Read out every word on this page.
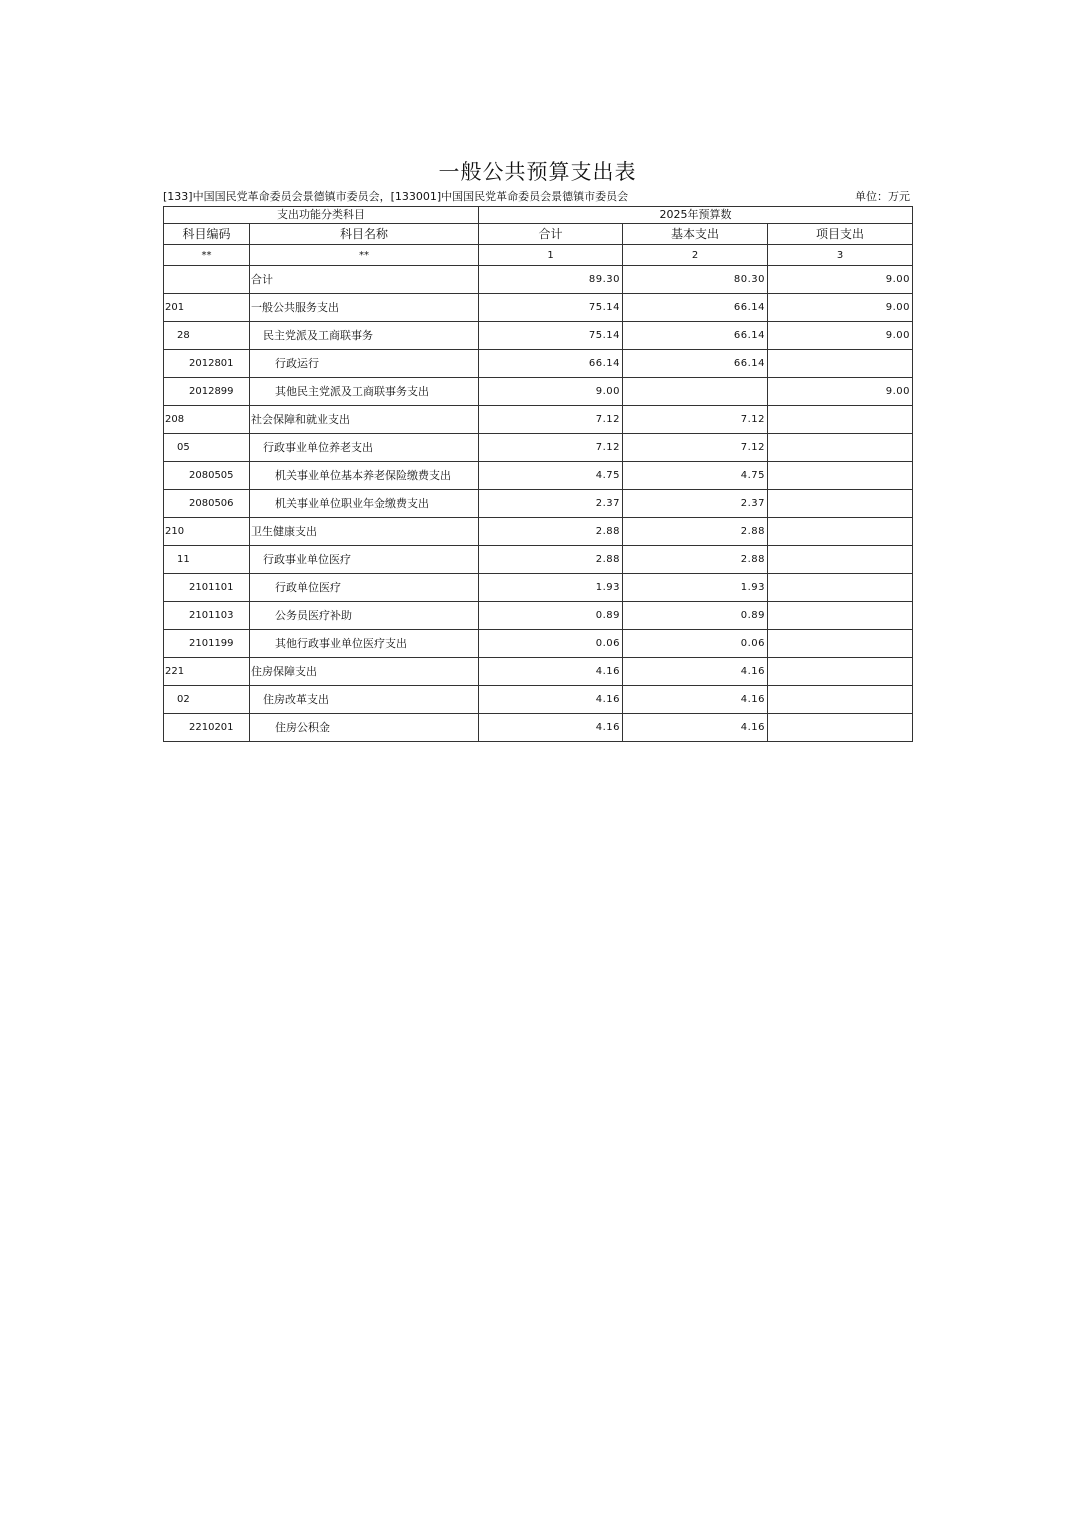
一般公共预算支出表
[133]中国国民党革命委员会景德镇市委员会，[133001]中国国民党革命委员会景德镇市委员会	单位：万元
支出功能分类科目		2025年预算数		
科目编码	科目名称	合计	基本支出	项目支出
**	**	1	2	3
	合计	89.30	80.30	9.00
201	一般公共服务支出	75.14	66.14	9.00
28	民主党派及工商联事务	75.14	66.14	9.00
2012801	行政运行	66.14	66.14	
2012899	其他民主党派及工商联事务支出	9.00		9.00
208	社会保障和就业支出	7.12	7.12	
05	行政事业单位养老支出	7.12	7.12	
2080505	机关事业单位基本养老保险缴费支出	4.75	4.75	
2080506	机关事业单位职业年金缴费支出	2.37	2.37	
210	卫生健康支出	2.88	2.88	
11	行政事业单位医疗	2.88	2.88	
2101101	行政单位医疗	1.93	1.93	
2101103	公务员医疗补助	0.89	0.89	
2101199	其他行政事业单位医疗支出	0.06	0.06	
221	住房保障支出	4.16	4.16	
02	住房改革支出	4.16	4.16	
2210201	住房公积金	4.16	4.16	
